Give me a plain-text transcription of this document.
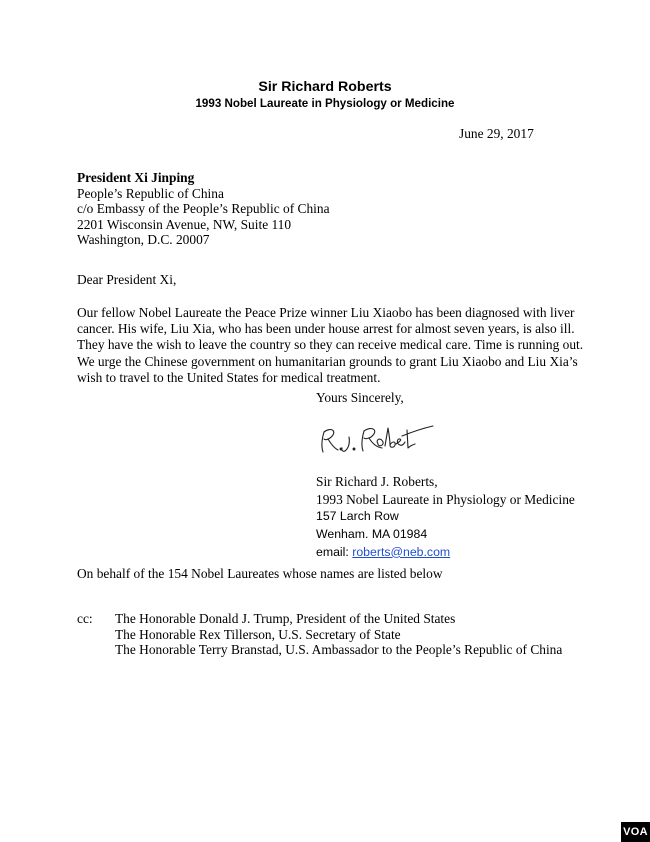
Sir Richard Roberts
1993 Nobel Laureate in Physiology or Medicine
June 29, 2017
President Xi Jinping
People’s Republic of China
c/o Embassy of the People’s Republic of China
2201 Wisconsin Avenue, NW, Suite 110
Washington, D.C. 20007
Dear President Xi,
Our fellow Nobel Laureate the Peace Prize winner Liu Xiaobo has been diagnosed with liver
cancer. His wife, Liu Xia, who has been under house arrest for almost seven years, is also ill.
They have the wish to leave the country so they can receive medical care. Time is running out.
We urge the Chinese government on humanitarian grounds to grant Liu Xiaobo and Liu Xia’s
wish to travel to the United States for medical treatment.
Yours Sincerely,
Sir Richard J. Roberts,
1993 Nobel Laureate in Physiology or Medicine
157 Larch Row
Wenham. MA 01984
email: roberts@neb.com
On behalf of the 154 Nobel Laureates whose names are listed below
cc: The Honorable Donald J. Trump, President of the United States
The Honorable Rex Tillerson, U.S. Secretary of State
The Honorable Terry Branstad, U.S. Ambassador to the People’s Republic of China
VOA
